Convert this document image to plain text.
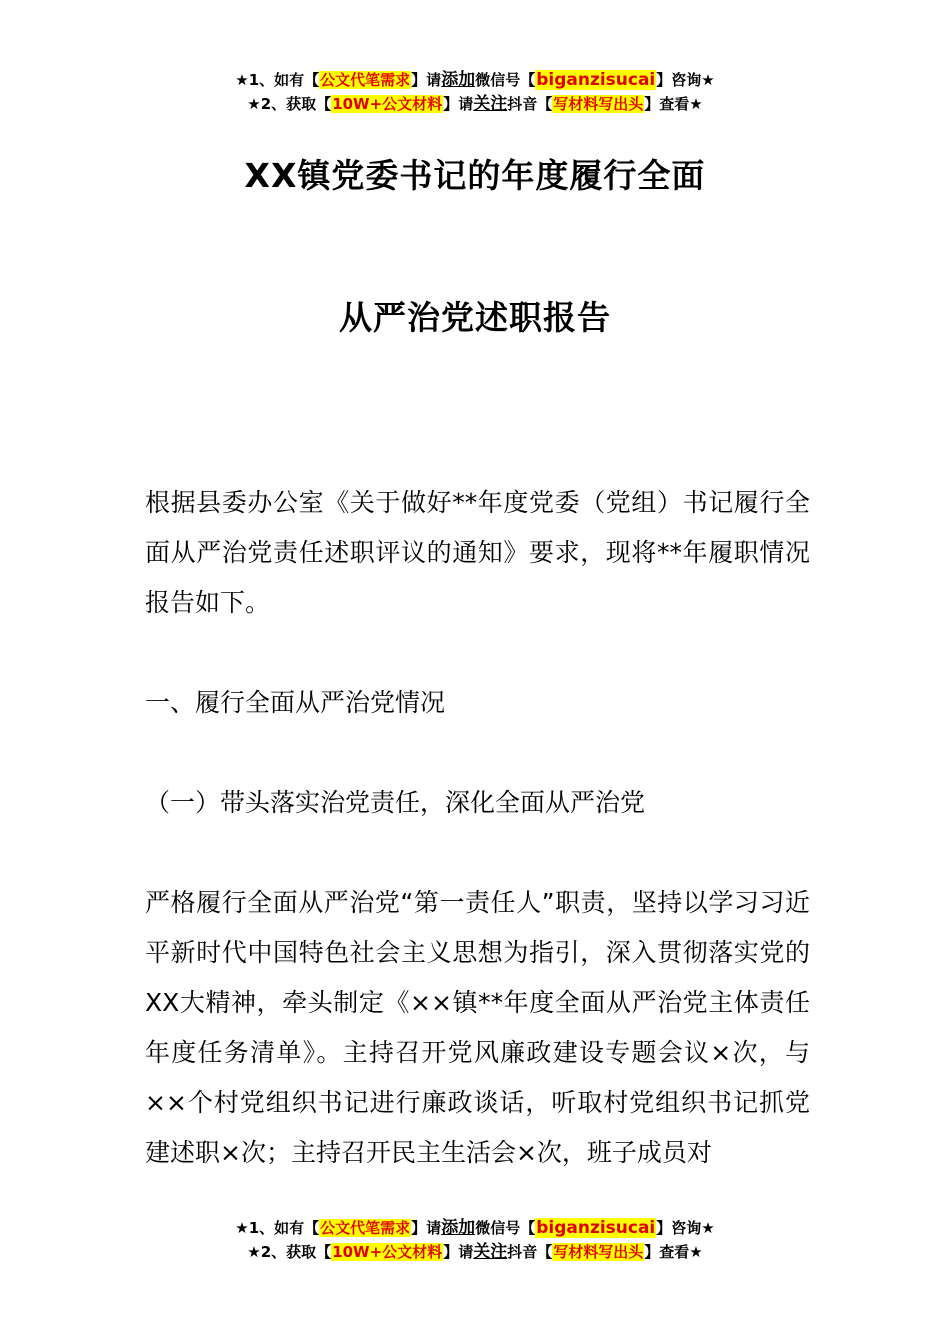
★1、如有【公文代笔需求】请添加微信号【biganzisucai】咨询★
★2、获取【10W+公文材料】请关注抖音【写材料写出头】查看★
XX镇党委书记的年度履行全面
从严治党述职报告

根据县委办公室《关于做好**年度党委（党组）书记履行全面从严治党责任述职评议的通知》要求，现将**年履职情况报告如下。

一、履行全面从严治党情况

（一）带头落实治党责任，深化全面从严治党

严格履行全面从严治党“第一责任人”职责，坚持以学习习近平新时代中国特色社会主义思想为指引，深入贯彻落实党的XX大精神，牵头制定《××镇**年度全面从严治党主体责任年度任务清单》。主持召开党风廉政建设专题会议×次，与××个村党组织书记进行廉政谈话，听取村党组织书记抓党建述职×次；主持召开民主生活会×次，班子成员对

★1、如有【公文代笔需求】请添加微信号【biganzisucai】咨询★
★2、获取【10W+公文材料】请关注抖音【写材料写出头】查看★
